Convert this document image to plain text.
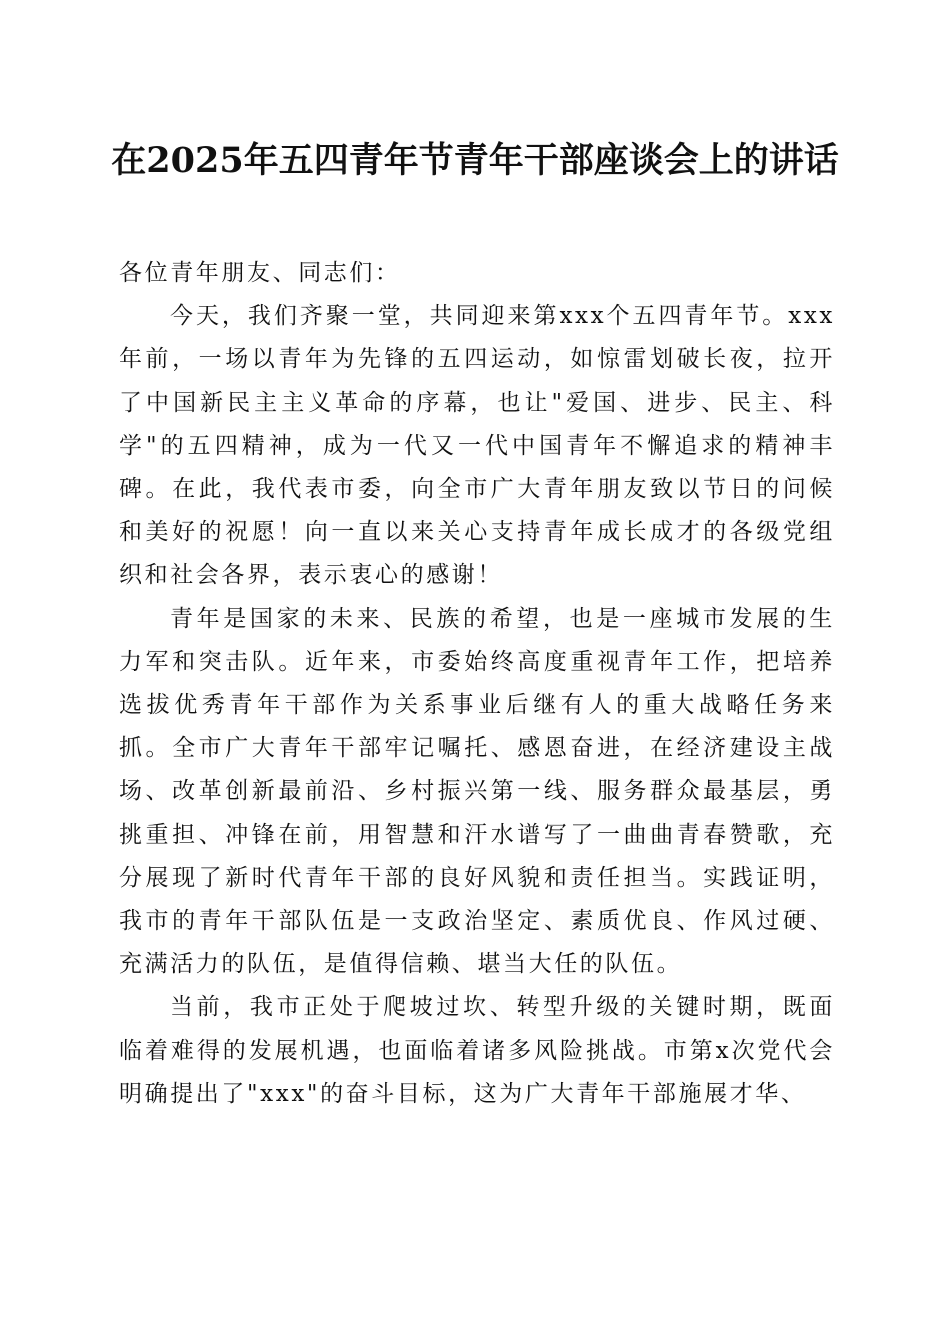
在2025年五四青年节青年干部座谈会上的讲话

各位青年朋友、同志们：

今天，我们齐聚一堂，共同迎来第xxx个五四青年节。xxx年前，一场以青年为先锋的五四运动，如惊雷划破长夜，拉开了中国新民主主义革命的序幕，也让"爱国、进步、民主、科学"的五四精神，成为一代又一代中国青年不懈追求的精神丰碑。在此，我代表市委，向全市广大青年朋友致以节日的问候和美好的祝愿！向一直以来关心支持青年成长成才的各级党组织和社会各界，表示衷心的感谢！

青年是国家的未来、民族的希望，也是一座城市发展的生力军和突击队。近年来，市委始终高度重视青年工作，把培养选拔优秀青年干部作为关系事业后继有人的重大战略任务来抓。全市广大青年干部牢记嘱托、感恩奋进，在经济建设主战场、改革创新最前沿、乡村振兴第一线、服务群众最基层，勇挑重担、冲锋在前，用智慧和汗水谱写了一曲曲青春赞歌，充分展现了新时代青年干部的良好风貌和责任担当。实践证明，我市的青年干部队伍是一支政治坚定、素质优良、作风过硬、充满活力的队伍，是值得信赖、堪当大任的队伍。

当前，我市正处于爬坡过坎、转型升级的关键时期，既面临着难得的发展机遇，也面临着诸多风险挑战。市第x次党代会明确提出了"xxx"的奋斗目标，这为广大青年干部施展才华、
